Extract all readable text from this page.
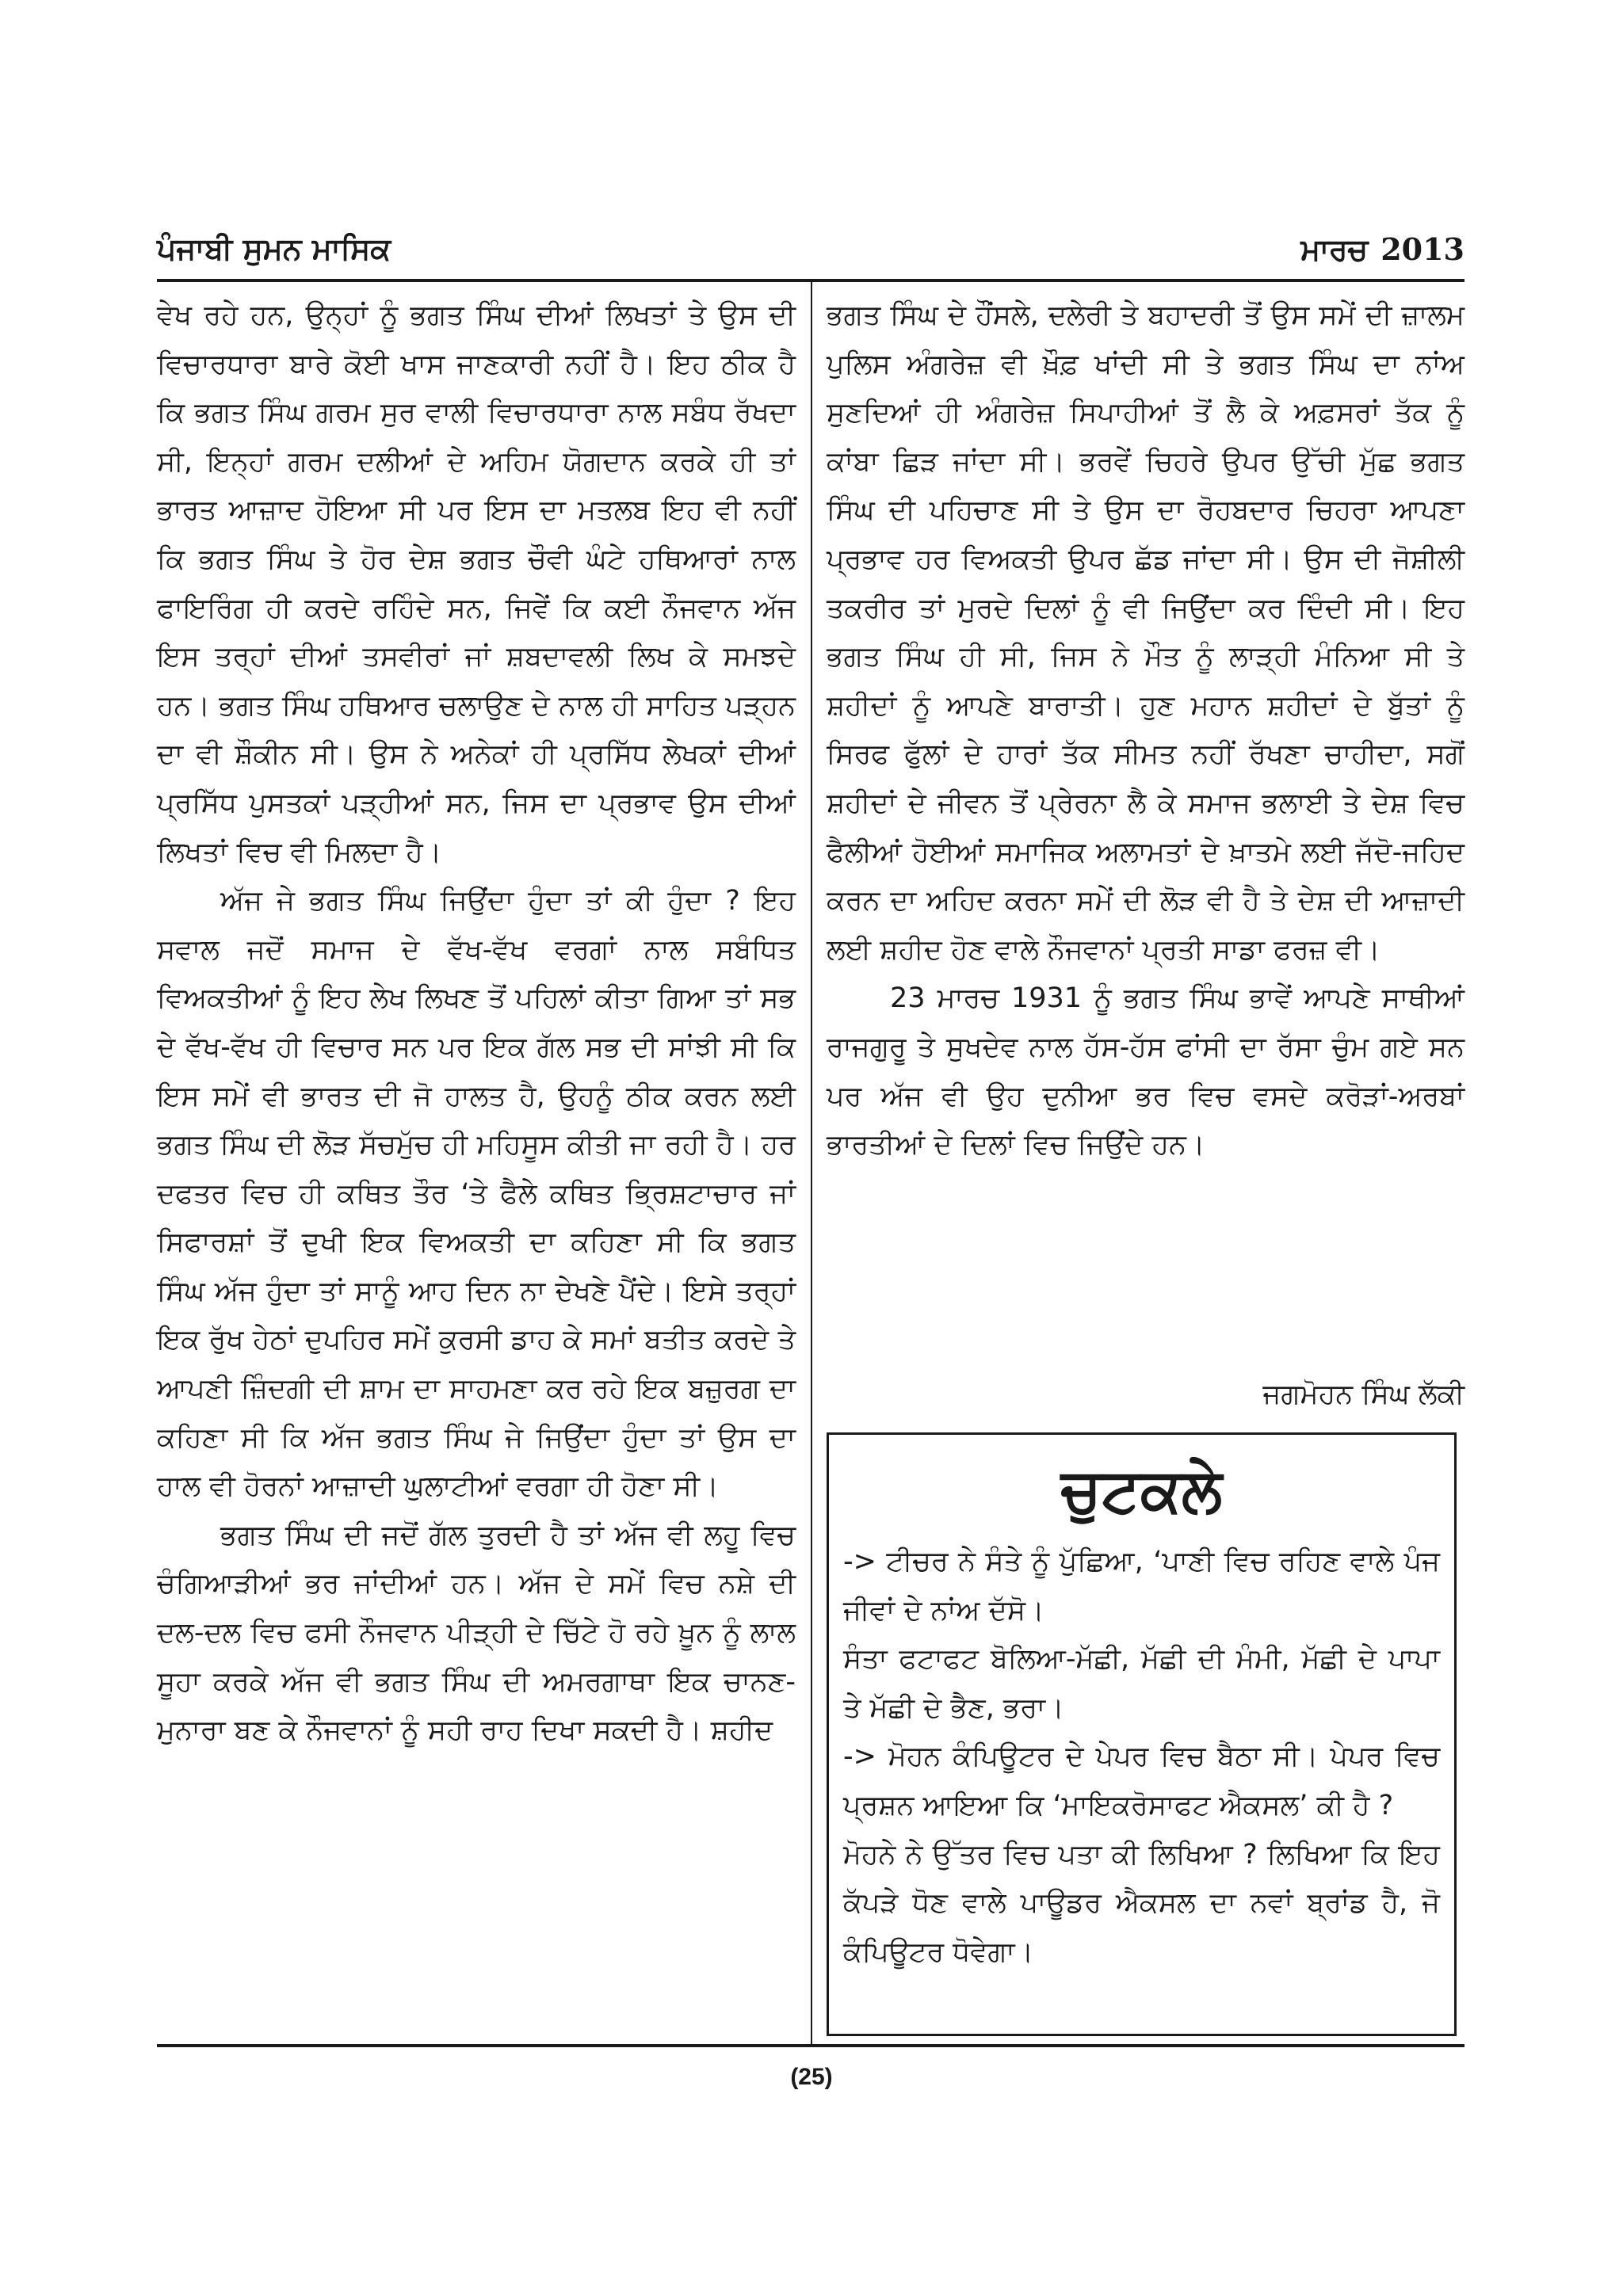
ਪੰਜਾਬੀ ਸੁਮਨ ਮਾਸਿਕ	ਮਾਰਚ 2013

ਵੇਖ ਰਹੇ ਹਨ, ਉਨ੍ਹਾਂ ਨੂੰ ਭਗਤ ਸਿੰਘ ਦੀਆਂ ਲਿਖਤਾਂ ਤੇ ਉਸ ਦੀ ਵਿਚਾਰਧਾਰਾ ਬਾਰੇ ਕੋਈ ਖਾਸ ਜਾਣਕਾਰੀ ਨਹੀਂ ਹੈ। ਇਹ ਠੀਕ ਹੈ ਕਿ ਭਗਤ ਸਿੰਘ ਗਰਮ ਸੁਰ ਵਾਲੀ ਵਿਚਾਰਧਾਰਾ ਨਾਲ ਸਬੰਧ ਰੱਖਦਾ ਸੀ, ਇਨ੍ਹਾਂ ਗਰਮ ਦਲੀਆਂ ਦੇ ਅਹਿਮ ਯੋਗਦਾਨ ਕਰਕੇ ਹੀ ਤਾਂ ਭਾਰਤ ਆਜ਼ਾਦ ਹੋਇਆ ਸੀ ਪਰ ਇਸ ਦਾ ਮਤਲਬ ਇਹ ਵੀ ਨਹੀਂ ਕਿ ਭਗਤ ਸਿੰਘ ਤੇ ਹੋਰ ਦੇਸ਼ ਭਗਤ ਚੌਵੀ ਘੰਟੇ ਹਥਿਆਰਾਂ ਨਾਲ ਫਾਇਰਿੰਗ ਹੀ ਕਰਦੇ ਰਹਿੰਦੇ ਸਨ, ਜਿਵੇਂ ਕਿ ਕਈ ਨੌਜਵਾਨ ਅੱਜ ਇਸ ਤਰ੍ਹਾਂ ਦੀਆਂ ਤਸਵੀਰਾਂ ਜਾਂ ਸ਼ਬਦਾਵਲੀ ਲਿਖ ਕੇ ਸਮਝਦੇ ਹਨ। ਭਗਤ ਸਿੰਘ ਹਥਿਆਰ ਚਲਾਉਣ ਦੇ ਨਾਲ ਹੀ ਸਾਹਿਤ ਪੜ੍ਹਨ ਦਾ ਵੀ ਸ਼ੌਕੀਨ ਸੀ। ਉਸ ਨੇ ਅਨੇਕਾਂ ਹੀ ਪ੍ਰਸਿੱਧ ਲੇਖਕਾਂ ਦੀਆਂ ਪ੍ਰਸਿੱਧ ਪੁਸਤਕਾਂ ਪੜ੍ਹੀਆਂ ਸਨ, ਜਿਸ ਦਾ ਪ੍ਰਭਾਵ ਉਸ ਦੀਆਂ ਲਿਖਤਾਂ ਵਿਚ ਵੀ ਮਿਲਦਾ ਹੈ।

ਅੱਜ ਜੇ ਭਗਤ ਸਿੰਘ ਜਿਉਂਦਾ ਹੁੰਦਾ ਤਾਂ ਕੀ ਹੁੰਦਾ ? ਇਹ ਸਵਾਲ ਜਦੋਂ ਸਮਾਜ ਦੇ ਵੱਖ-ਵੱਖ ਵਰਗਾਂ ਨਾਲ ਸਬੰਧਿਤ ਵਿਅਕਤੀਆਂ ਨੂੰ ਇਹ ਲੇਖ ਲਿਖਣ ਤੋਂ ਪਹਿਲਾਂ ਕੀਤਾ ਗਿਆ ਤਾਂ ਸਭ ਦੇ ਵੱਖ-ਵੱਖ ਹੀ ਵਿਚਾਰ ਸਨ ਪਰ ਇਕ ਗੱਲ ਸਭ ਦੀ ਸਾਂਝੀ ਸੀ ਕਿ ਇਸ ਸਮੇਂ ਵੀ ਭਾਰਤ ਦੀ ਜੋ ਹਾਲਤ ਹੈ, ਉਹਨੂੰ ਠੀਕ ਕਰਨ ਲਈ ਭਗਤ ਸਿੰਘ ਦੀ ਲੋੜ ਸੱਚਮੁੱਚ ਹੀ ਮਹਿਸੂਸ ਕੀਤੀ ਜਾ ਰਹੀ ਹੈ। ਹਰ ਦਫਤਰ ਵਿਚ ਹੀ ਕਥਿਤ ਤੌਰ ‘ਤੇ ਫੈਲੇ ਕਥਿਤ ਭ੍ਰਿਸ਼ਟਾਚਾਰ ਜਾਂ ਸਿਫਾਰਸ਼ਾਂ ਤੋਂ ਦੁਖੀ ਇਕ ਵਿਅਕਤੀ ਦਾ ਕਹਿਣਾ ਸੀ ਕਿ ਭਗਤ ਸਿੰਘ ਅੱਜ ਹੁੰਦਾ ਤਾਂ ਸਾਨੂੰ ਆਹ ਦਿਨ ਨਾ ਦੇਖਣੇ ਪੈਂਦੇ। ਇਸੇ ਤਰ੍ਹਾਂ ਇਕ ਰੁੱਖ ਹੇਠਾਂ ਦੁਪਹਿਰ ਸਮੇਂ ਕੁਰਸੀ ਡਾਹ ਕੇ ਸਮਾਂ ਬਤੀਤ ਕਰਦੇ ਤੇ ਆਪਣੀ ਜ਼ਿੰਦਗੀ ਦੀ ਸ਼ਾਮ ਦਾ ਸਾਹਮਣਾ ਕਰ ਰਹੇ ਇਕ ਬਜ਼ੁਰਗ ਦਾ ਕਹਿਣਾ ਸੀ ਕਿ ਅੱਜ ਭਗਤ ਸਿੰਘ ਜੇ ਜਿਉਂਦਾ ਹੁੰਦਾ ਤਾਂ ਉਸ ਦਾ ਹਾਲ ਵੀ ਹੋਰਨਾਂ ਆਜ਼ਾਦੀ ਘੁਲਾਟੀਆਂ ਵਰਗਾ ਹੀ ਹੋਣਾ ਸੀ।

ਭਗਤ ਸਿੰਘ ਦੀ ਜਦੋਂ ਗੱਲ ਤੁਰਦੀ ਹੈ ਤਾਂ ਅੱਜ ਵੀ ਲਹੂ ਵਿਚ ਚੰਗਿਆੜੀਆਂ ਭਰ ਜਾਂਦੀਆਂ ਹਨ। ਅੱਜ ਦੇ ਸਮੇਂ ਵਿਚ ਨਸ਼ੇ ਦੀ ਦਲ-ਦਲ ਵਿਚ ਫਸੀ ਨੌਜਵਾਨ ਪੀੜ੍ਹੀ ਦੇ ਚਿੱਟੇ ਹੋ ਰਹੇ ਖ਼ੂਨ ਨੂੰ ਲਾਲ ਸੂਹਾ ਕਰਕੇ ਅੱਜ ਵੀ ਭਗਤ ਸਿੰਘ ਦੀ ਅਮਰਗਾਥਾ ਇਕ ਚਾਨਣ-ਮੁਨਾਰਾ ਬਣ ਕੇ ਨੌਜਵਾਨਾਂ ਨੂੰ ਸਹੀ ਰਾਹ ਦਿਖਾ ਸਕਦੀ ਹੈ। ਸ਼ਹੀਦ

ਭਗਤ ਸਿੰਘ ਦੇ ਹੌਂਸਲੇ, ਦਲੇਰੀ ਤੇ ਬਹਾਦਰੀ ਤੋਂ ਉਸ ਸਮੇਂ ਦੀ ਜ਼ਾਲਮ ਪੁਲਿਸ ਅੰਗਰੇਜ਼ ਵੀ ਖ਼ੌਫ਼ ਖਾਂਦੀ ਸੀ ਤੇ ਭਗਤ ਸਿੰਘ ਦਾ ਨਾਂਅ ਸੁਣਦਿਆਂ ਹੀ ਅੰਗਰੇਜ਼ ਸਿਪਾਹੀਆਂ ਤੋਂ ਲੈ ਕੇ ਅਫ਼ਸਰਾਂ ਤੱਕ ਨੂੰ ਕਾਂਬਾ ਛਿੜ ਜਾਂਦਾ ਸੀ। ਭਰਵੇਂ ਚਿਹਰੇ ਉਪਰ ਉੱਚੀ ਮੁੱਛ ਭਗਤ ਸਿੰਘ ਦੀ ਪਹਿਚਾਣ ਸੀ ਤੇ ਉਸ ਦਾ ਰੋਹਬਦਾਰ ਚਿਹਰਾ ਆਪਣਾ ਪ੍ਰਭਾਵ ਹਰ ਵਿਅਕਤੀ ਉਪਰ ਛੱਡ ਜਾਂਦਾ ਸੀ। ਉਸ ਦੀ ਜੋਸ਼ੀਲੀ ਤਕਰੀਰ ਤਾਂ ਮੁਰਦੇ ਦਿਲਾਂ ਨੂੰ ਵੀ ਜਿਉਂਦਾ ਕਰ ਦਿੰਦੀ ਸੀ। ਇਹ ਭਗਤ ਸਿੰਘ ਹੀ ਸੀ, ਜਿਸ ਨੇ ਮੌਤ ਨੂੰ ਲਾੜ੍ਹੀ ਮੰਨਿਆ ਸੀ ਤੇ ਸ਼ਹੀਦਾਂ ਨੂੰ ਆਪਣੇ ਬਾਰਾਤੀ। ਹੁਣ ਮਹਾਨ ਸ਼ਹੀਦਾਂ ਦੇ ਬੁੱਤਾਂ ਨੂੰ ਸਿਰਫ ਫੁੱਲਾਂ ਦੇ ਹਾਰਾਂ ਤੱਕ ਸੀਮਤ ਨਹੀਂ ਰੱਖਣਾ ਚਾਹੀਦਾ, ਸਗੋਂ ਸ਼ਹੀਦਾਂ ਦੇ ਜੀਵਨ ਤੋਂ ਪ੍ਰੇਰਨਾ ਲੈ ਕੇ ਸਮਾਜ ਭਲਾਈ ਤੇ ਦੇਸ਼ ਵਿਚ ਫੈਲੀਆਂ ਹੋਈਆਂ ਸਮਾਜਿਕ ਅਲਾਮਤਾਂ ਦੇ ਖ਼ਾਤਮੇ ਲਈ ਜੱਦੋ-ਜਹਿਦ ਕਰਨ ਦਾ ਅਹਿਦ ਕਰਨਾ ਸਮੇਂ ਦੀ ਲੋੜ ਵੀ ਹੈ ਤੇ ਦੇਸ਼ ਦੀ ਆਜ਼ਾਦੀ ਲਈ ਸ਼ਹੀਦ ਹੋਣ ਵਾਲੇ ਨੌਜਵਾਨਾਂ ਪ੍ਰਤੀ ਸਾਡਾ ਫਰਜ਼ ਵੀ।

23 ਮਾਰਚ 1931 ਨੂੰ ਭਗਤ ਸਿੰਘ ਭਾਵੇਂ ਆਪਣੇ ਸਾਥੀਆਂ ਰਾਜਗੁਰੂ ਤੇ ਸੁਖਦੇਵ ਨਾਲ ਹੱਸ-ਹੱਸ ਫਾਂਸੀ ਦਾ ਰੱਸਾ ਚੁੰਮ ਗਏ ਸਨ ਪਰ ਅੱਜ ਵੀ ਉਹ ਦੁਨੀਆ ਭਰ ਵਿਚ ਵਸਦੇ ਕਰੋੜਾਂ-ਅਰਬਾਂ ਭਾਰਤੀਆਂ ਦੇ ਦਿਲਾਂ ਵਿਚ ਜਿਉਂਦੇ ਹਨ।

ਜਗਮੋਹਨ ਸਿੰਘ ਲੱਕੀ
ਚੁਟਕਲੇ

-> ਟੀਚਰ ਨੇ ਸੰਤੇ ਨੂੰ ਪੁੱਛਿਆ, ‘ਪਾਣੀ ਵਿਚ ਰਹਿਣ ਵਾਲੇ ਪੰਜ ਜੀਵਾਂ ਦੇ ਨਾਂਅ ਦੱਸੋ।

ਸੰਤਾ ਫਟਾਫਟ ਬੋਲਿਆ-ਮੱਛੀ, ਮੱਛੀ ਦੀ ਮੰਮੀ, ਮੱਛੀ ਦੇ ਪਾਪਾ ਤੇ ਮੱਛੀ ਦੇ ਭੈਣ, ਭਰਾ।

-> ਮੋਹਨ ਕੰਪਿਊਟਰ ਦੇ ਪੇਪਰ ਵਿਚ ਬੈਠਾ ਸੀ। ਪੇਪਰ ਵਿਚ ਪ੍ਰਸ਼ਨ ਆਇਆ ਕਿ ‘ਮਾਇਕਰੋਸਾਫਟ ਐਕਸਲ’ ਕੀ ਹੈ ?

ਮੋਹਨੇ ਨੇ ਉੱਤਰ ਵਿਚ ਪਤਾ ਕੀ ਲਿਖਿਆ ? ਲਿਖਿਆ ਕਿ ਇਹ ਕੱਪੜੇ ਧੋਣ ਵਾਲੇ ਪਾਊਡਰ ਐਕਸਲ ਦਾ ਨਵਾਂ ਬ੍ਰਾਂਡ ਹੈ, ਜੋ ਕੰਪਿਊਟਰ ਧੋਵੇਗਾ।

(25)
